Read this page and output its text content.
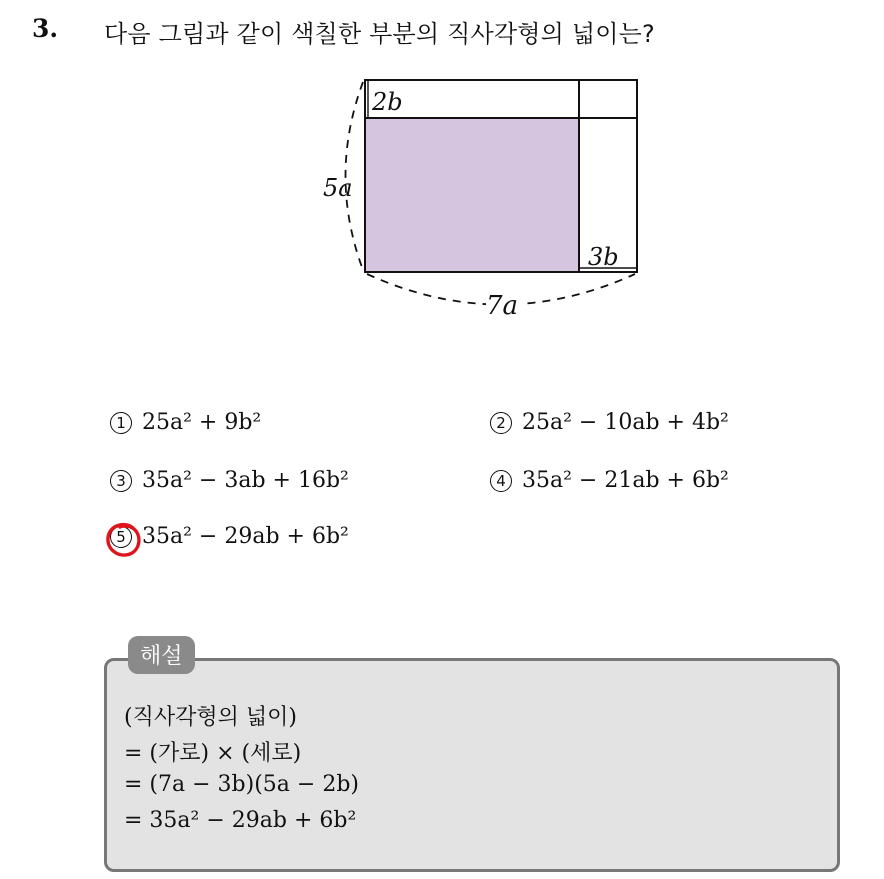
3. 다음 그림과 같이 색칠한 부분의 직사각형의 넓이는?
2b
5a
3b
7a
1 25a² + 9b²	2 25a² − 10ab + 4b²
3 35a² − 3ab + 16b²	4 35a² − 21ab + 6b²
5 35a² − 29ab + 6b²
해설
(직사각형의 넓이)
= (가로) × (세로)
= (7a − 3b)(5a − 2b)
= 35a² − 29ab + 6b²
